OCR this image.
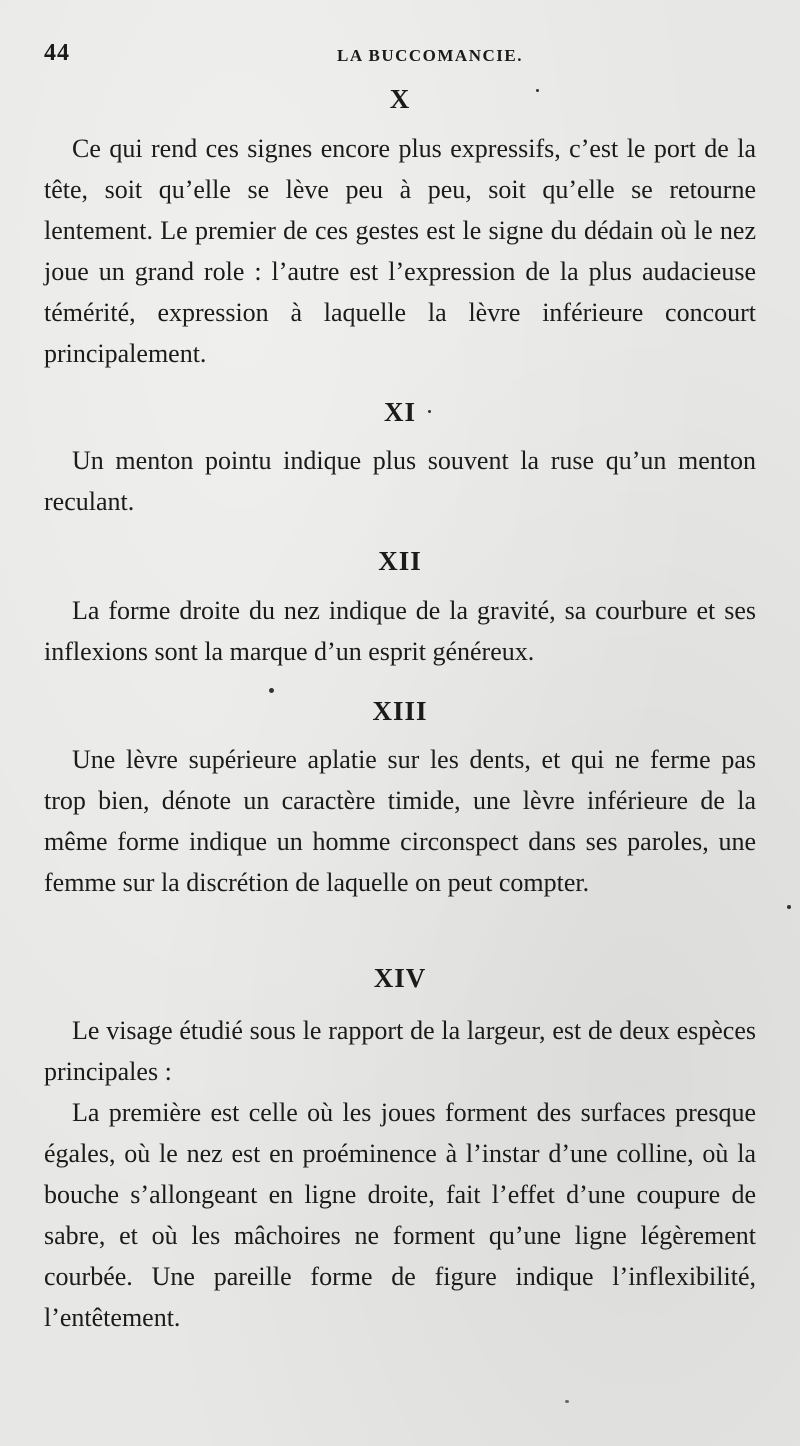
44	LA BUCCOMANCIE.
X

Ce qui rend ces signes encore plus expressifs, c’est le port de la tête, soit qu’elle se lève peu à peu, soit qu’elle se retourne lentement. Le premier de ces gestes est le signe du dédain où le nez joue un grand role : l’autre est l’expression de la plus audacieuse témérité, expression à laquelle la lèvre inférieure concourt principalement.

XI

Un menton pointu indique plus souvent la ruse qu’un menton reculant.

XII

La forme droite du nez indique de la gravité, sa courbure et ses inflexions sont la marque d’un esprit généreux.

XIII

Une lèvre supérieure aplatie sur les dents, et qui ne ferme pas trop bien, dénote un caractère timide, une lèvre inférieure de la même forme indique un homme circonspect dans ses paroles, une femme sur la discrétion de laquelle on peut compter.

XIV

Le visage étudié sous le rapport de la largeur, est de deux espèces principales :

La première est celle où les joues forment des surfaces presque égales, où le nez est en proéminence à l’instar d’une colline, où la bouche s’allongeant en ligne droite, fait l’effet d’une coupure de sabre, et où les mâchoires ne forment qu’une ligne légèrement courbée. Une pareille forme de figure indique l’inflexibilité, l’entêtement.
